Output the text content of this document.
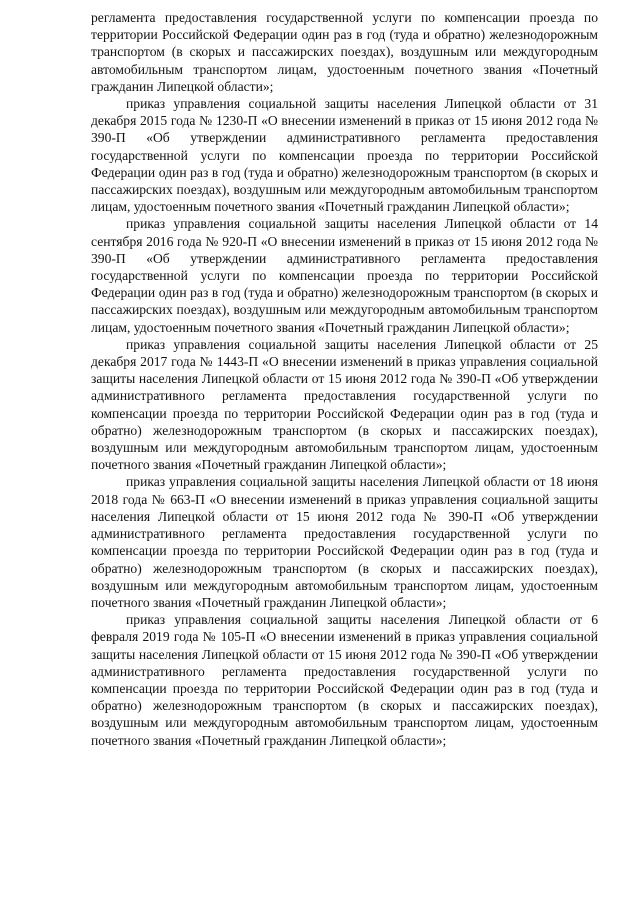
регламента предоставления государственной услуги по компенсации проезда по территории Российской Федерации один раз в год (туда и обратно) железнодорожным транспортом (в скорых и пассажирских поездах), воздушным или междугородным автомобильным транспортом лицам, удостоенным почетного звания «Почетный гражданин Липецкой области»;

приказ управления социальной защиты населения Липецкой области от 31 декабря 2015 года № 1230-П «О внесении изменений в приказ от 15 июня 2012 года № 390-П «Об утверждении административного регламента предоставления государственной услуги по компенсации проезда по территории Российской Федерации один раз в год (туда и обратно) железнодорожным транспортом (в скорых и пассажирских поездах), воздушным или междугородным автомобильным транспортом лицам, удостоенным почетного звания «Почетный гражданин Липецкой области»;

приказ управления социальной защиты населения Липецкой области от 14 сентября 2016 года № 920-П «О внесении изменений в приказ от 15 июня 2012 года № 390-П «Об утверждении административного регламента предоставления государственной услуги по компенсации проезда по территории Российской Федерации один раз в год (туда и обратно) железнодорожным транспортом (в скорых и пассажирских поездах), воздушным или междугородным автомобильным транспортом лицам, удостоенным почетного звания «Почетный гражданин Липецкой области»;

приказ управления социальной защиты населения Липецкой области от 25 декабря 2017 года № 1443-П «О внесении изменений в приказ управления социальной защиты населения Липецкой области от 15 июня 2012 года № 390-П «Об утверждении административного регламента предоставления государственной услуги по компенсации проезда по территории Российской Федерации один раз в год (туда и обратно) железнодорожным транспортом (в скорых и пассажирских поездах), воздушным или междугородным автомобильным транспортом лицам, удостоенным почетного звания «Почетный гражданин Липецкой области»;

приказ управления социальной защиты населения Липецкой области от 18 июня 2018 года № 663-П «О внесении изменений в приказ управления социальной защиты населения Липецкой области от 15 июня 2012 года № 390-П «Об утверждении административного регламента предоставления государственной услуги по компенсации проезда по территории Российской Федерации один раз в год (туда и обратно) железнодорожным транспортом (в скорых и пассажирских поездах), воздушным или междугородным автомобильным транспортом лицам, удостоенным почетного звания «Почетный гражданин Липецкой области»;

приказ управления социальной защиты населения Липецкой области от 6 февраля 2019 года № 105-П «О внесении изменений в приказ управления социальной защиты населения Липецкой области от 15 июня 2012 года № 390-П «Об утверждении административного регламента предоставления государственной услуги по компенсации проезда по территории Российской Федерации один раз в год (туда и обратно) железнодорожным транспортом (в скорых и пассажирских поездах), воздушным или междугородным автомобильным транспортом лицам, удостоенным почетного звания «Почетный гражданин Липецкой области»;
